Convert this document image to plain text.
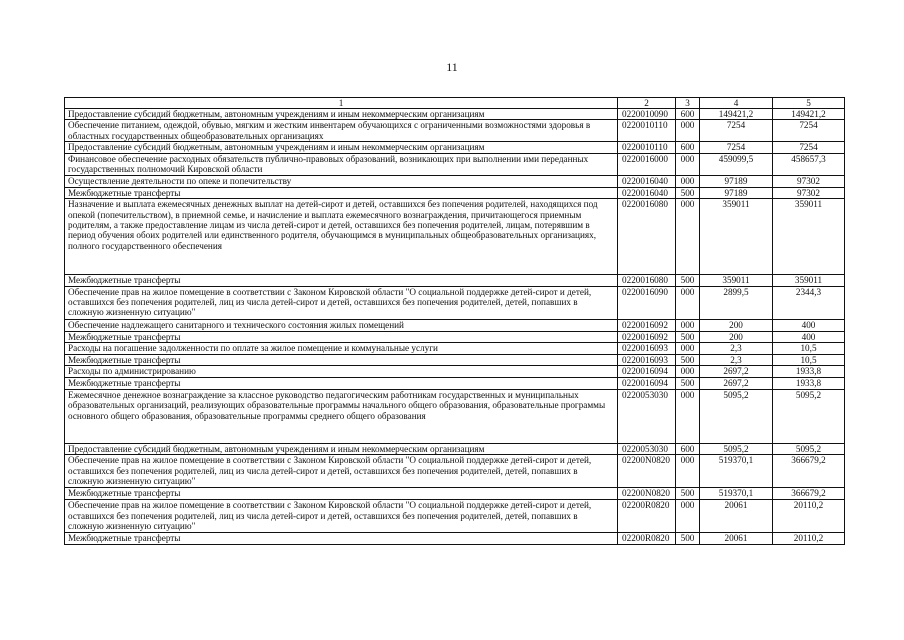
11
1	2	3	4	5
Предоставление субсидий бюджетным, автономным учреждениям и иным некоммерческим организациям	0220010090	600	149421,2	149421,2
Обеспечение питанием, одеждой, обувью, мягким и жестким инвентарем обучающихся с ограниченными возможностями здоровья в областных государственных общеобразовательных организациях	0220010110	000	7254	7254
Предоставление субсидий бюджетным, автономным учреждениям и иным некоммерческим организациям	0220010110	600	7254	7254
Финансовое обеспечение расходных обязательств публично-правовых образований, возникающих при выполнении ими переданных государственных полномочий Кировской области	0220016000	000	459099,5	458657,3
Осуществление деятельности по опеке и попечительству	0220016040	000	97189	97302
Межбюджетные трансферты	0220016040	500	97189	97302
Назначение и выплата ежемесячных денежных выплат на детей-сирот и детей, оставшихся без попечения родителей, находящихся под опекой (попечительством), в приемной семье, и начисление и выплата ежемесячного вознаграждения, причитающегося приемным родителям, а также предоставление лицам из числа детей-сирот и детей, оставшихся без попечения родителей, лицам, потерявшим в период обучения обоих родителей или единственного родителя, обучающимся в муниципальных общеобразовательных организациях, полного государственного обеспечения	0220016080	000	359011	359011
Межбюджетные трансферты	0220016080	500	359011	359011
Обеспечение прав на жилое помещение в соответствии с Законом Кировской области "О социальной поддержке детей-сирот и детей, оставшихся без попечения родителей, лиц из числа детей-сирот и детей, оставшихся без попечения родителей, детей, попавших в сложную жизненную ситуацию"	0220016090	000	2899,5	2344,3
Обеспечение надлежащего санитарного и технического состояния жилых помещений	0220016092	000	200	400
Межбюджетные трансферты	0220016092	500	200	400
Расходы на погашение задолженности по оплате за жилое помещение и коммунальные услуги	0220016093	000	2,3	10,5
Межбюджетные трансферты	0220016093	500	2,3	10,5
Расходы по администрированию	0220016094	000	2697,2	1933,8
Межбюджетные трансферты	0220016094	500	2697,2	1933,8
Ежемесячное денежное вознаграждение за классное руководство педагогическим работникам государственных и муниципальных образовательных организаций, реализующих образовательные программы начального общего образования, образовательные программы основного общего образования, образовательные программы среднего общего образования	0220053030	000	5095,2	5095,2
Предоставление субсидий бюджетным, автономным учреждениям и иным некоммерческим организациям	0220053030	600	5095,2	5095,2
Обеспечение прав на жилое помещение в соответствии с Законом Кировской области "О социальной поддержке детей-сирот и детей, оставшихся без попечения родителей, лиц из числа детей-сирот и детей, оставшихся без попечения родителей, детей, попавших в сложную жизненную ситуацию"	02200N0820	000	519370,1	366679,2
Межбюджетные трансферты	02200N0820	500	519370,1	366679,2
Обеспечение прав на жилое помещение в соответствии с Законом Кировской области "О социальной поддержке детей-сирот и детей, оставшихся без попечения родителей, лиц из числа детей-сирот и детей, оставшихся без попечения родителей, детей, попавших в сложную жизненную ситуацию"	02200R0820	000	20061	20110,2
Межбюджетные трансферты	02200R0820	500	20061	20110,2
